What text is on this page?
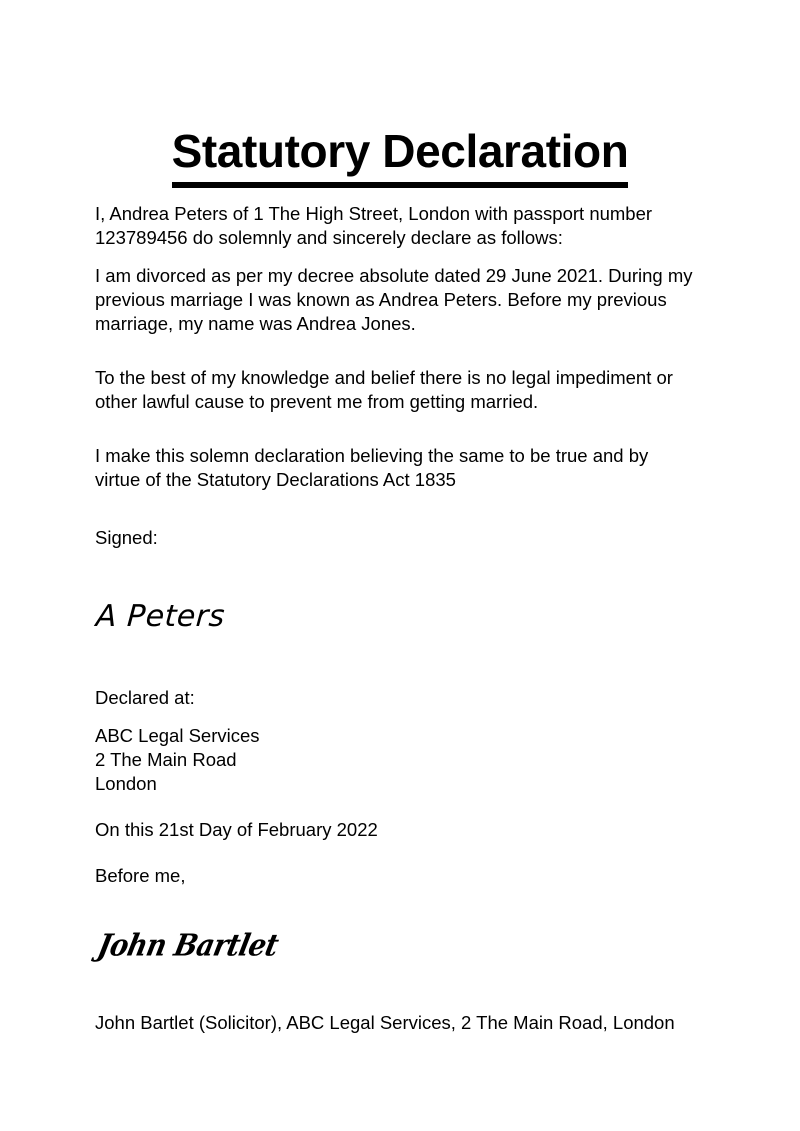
Statutory Declaration

I, Andrea Peters of 1 The High Street, London with passport number 123789456 do solemnly and sincerely declare as follows:

I am divorced as per my decree absolute dated 29 June 2021. During my previous marriage I was known as Andrea Peters. Before my previous marriage, my name was Andrea Jones.

To the best of my knowledge and belief there is no legal impediment or other lawful cause to prevent me from getting married.

I make this solemn declaration believing the same to be true and by virtue of the Statutory Declarations Act 1835

Signed:

A Peters

Declared at:

ABC Legal Services

2 The Main Road

London

On this 21st Day of February 2022

Before me,

John Bartlet

John Bartlet (Solicitor), ABC Legal Services, 2 The Main Road, London
